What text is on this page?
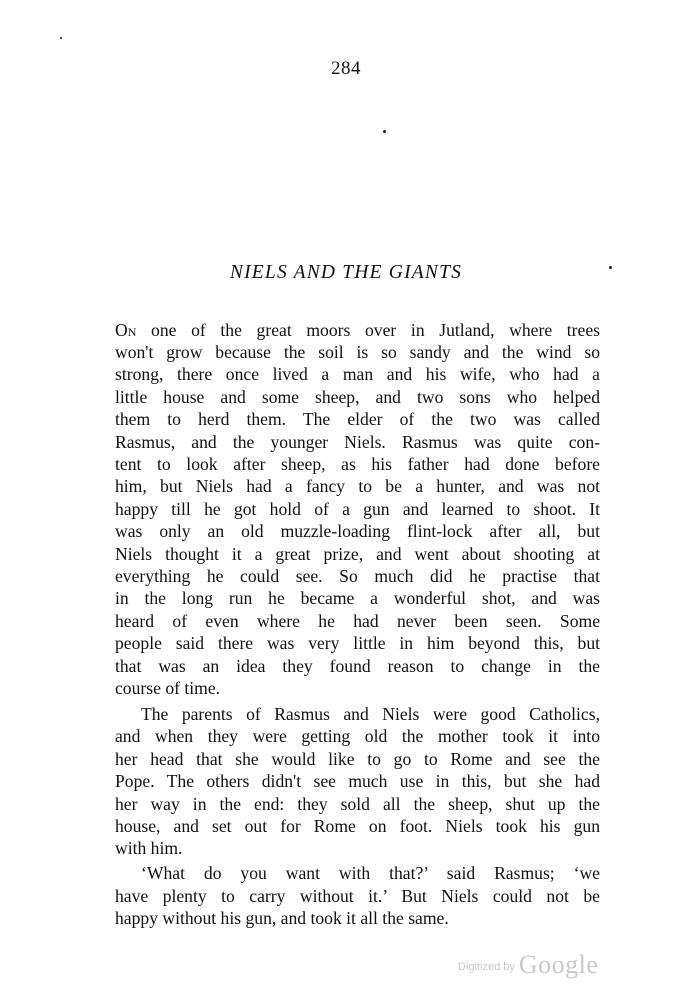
284
NIELS AND THE GIANTS
On one of the great moors over in Jutland, where trees
won't grow because the soil is so sandy and the wind so
strong, there once lived a man and his wife, who had a
little house and some sheep, and two sons who helped
them to herd them. The elder of the two was called
Rasmus, and the younger Niels. Rasmus was quite con-
tent to look after sheep, as his father had done before
him, but Niels had a fancy to be a hunter, and was not
happy till he got hold of a gun and learned to shoot. It
was only an old muzzle-loading flint-lock after all, but
Niels thought it a great prize, and went about shooting at
everything he could see. So much did he practise that
in the long run he became a wonderful shot, and was
heard of even where he had never been seen. Some
people said there was very little in him beyond this, but
that was an idea they found reason to change in the
course of time.
The parents of Rasmus and Niels were good Catholics,
and when they were getting old the mother took it into
her head that she would like to go to Rome and see the
Pope. The others didn't see much use in this, but she had
her way in the end: they sold all the sheep, shut up the
house, and set out for Rome on foot. Niels took his gun
with him.
‘What do you want with that?’ said Rasmus; ‘we
have plenty to carry without it.’ But Niels could not be
happy without his gun, and took it all the same.
Digitized by Google
